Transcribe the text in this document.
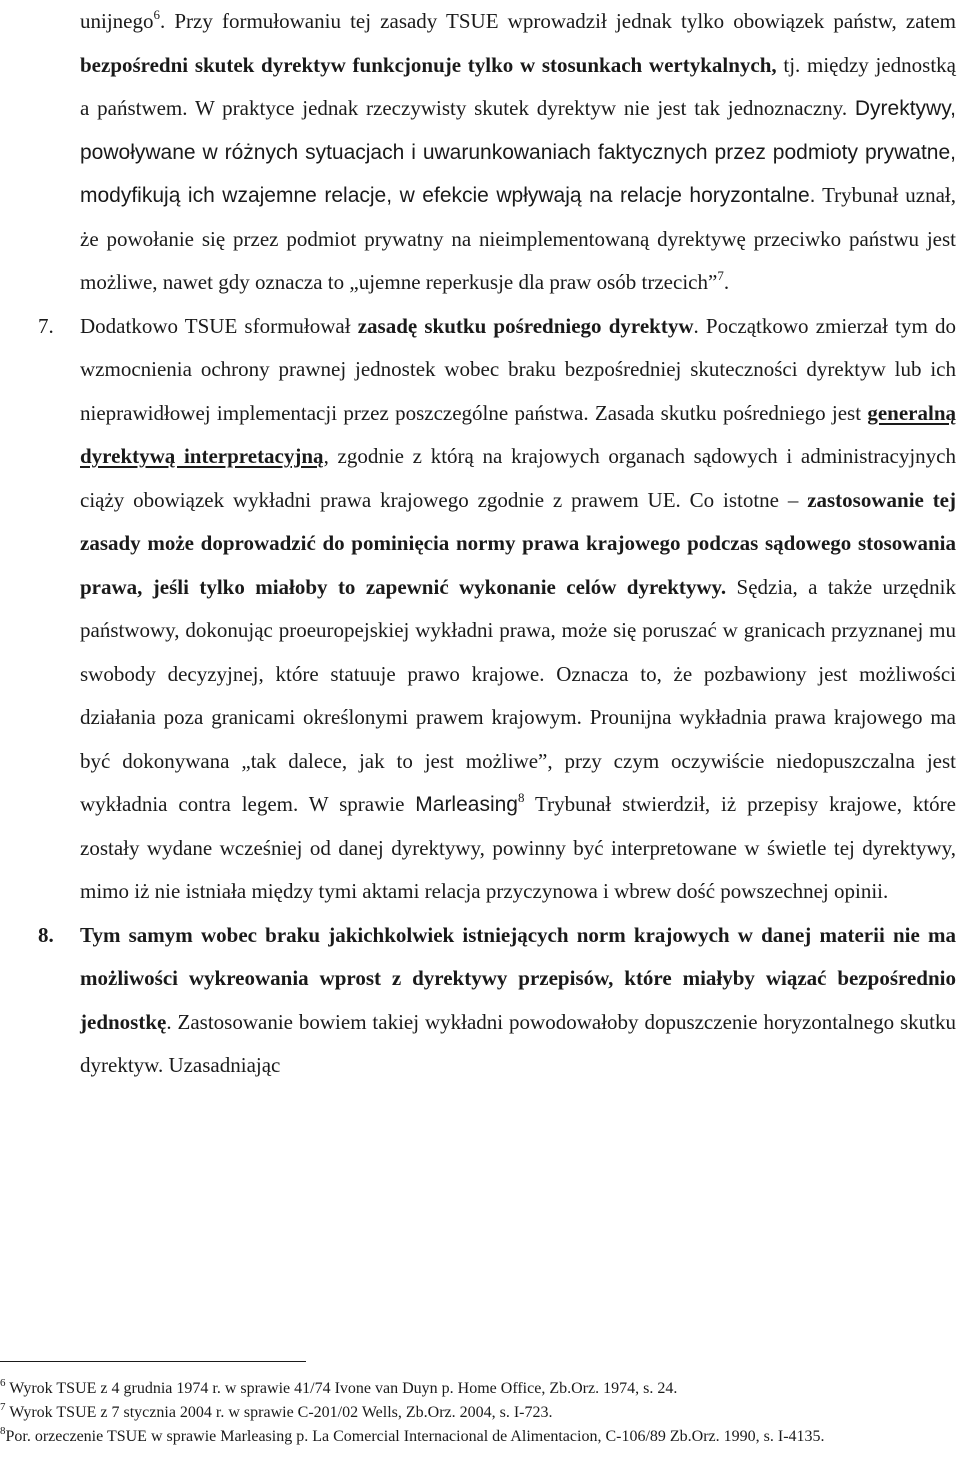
unijnego$^6$. Przy formułowaniu tej zasady TSUE wprowadził jednak tylko obowiązek państw, zatem bezpośredni skutek dyrektyw funkcjonuje tylko w stosunkach wertykalnych, tj. między jednostką a państwem. W praktyce jednak rzeczywisty skutek dyrektyw nie jest tak jednoznaczny. Dyrektywy, powoływane w różnych sytuacjach i uwarunkowaniach faktycznych przez podmioty prywatne, modyfikują ich wzajemne relacje, w efekcie wpływają na relacje horyzontalne. Trybunał uznał, że powołanie się przez podmiot prywatny na nieimplementowaną dyrektywę przeciwko państwu jest możliwe, nawet gdy oznacza to „ujemne reperkusje dla praw osób trzecich”$^7$.

7. Dodatkowo TSUE sformułował zasadę skutku pośredniego dyrektyw. Początkowo zmierzał tym do wzmocnienia ochrony prawnej jednostek wobec braku bezpośredniej skuteczności dyrektyw lub ich nieprawidłowej implementacji przez poszczególne państwa. Zasada skutku pośredniego jest generalną dyrektywą interpretacyjną, zgodnie z którą na krajowych organach sądowych i administracyjnych ciąży obowiązek wykładni prawa krajowego zgodnie z prawem UE. Co istotne – zastosowanie tej zasady może doprowadzić do pominięcia normy prawa krajowego podczas sądowego stosowania prawa, jeśli tylko miałoby to zapewnić wykonanie celów dyrektywy. Sędzia, a także urzędnik państwowy, dokonując proeuropejskiej wykładni prawa, może się poruszać w granicach przyznanej mu swobody decyzyjnej, które statuuje prawo krajowe. Oznacza to, że pozbawiony jest możliwości działania poza granicami określonymi prawem krajowym. Prounijna wykładnia prawa krajowego ma być dokonywana „tak dalece, jak to jest możliwe”, przy czym oczywiście niedopuszczalna jest wykładnia contra legem. W sprawie Marleasing$^8$ Trybunał stwierdził, iż przepisy krajowe, które zostały wydane wcześniej od danej dyrektywy, powinny być interpretowane w świetle tej dyrektywy, mimo iż nie istniała między tymi aktami relacja przyczynowa i wbrew dość powszechnej opinii.

8. Tym samym wobec braku jakichkolwiek istniejących norm krajowych w danej materii nie ma możliwości wykreowania wprost z dyrektywy przepisów, które miałyby wiązać bezpośrednio jednostkę. Zastosowanie bowiem takiej wykładni powodowałoby dopuszczenie horyzontalnego skutku dyrektyw. Uzasadniając

$^6$ Wyrok TSUE z 4 grudnia 1974 r. w sprawie 41/74 Ivone van Duyn p. Home Office, Zb.Orz. 1974, s. 24.

$^7$ Wyrok TSUE z 7 stycznia 2004 r. w sprawie C-201/02 Wells, Zb.Orz. 2004, s. I-723.

$^8$Por. orzeczenie TSUE w sprawie Marleasing p. La Comercial Internacional de Alimentacion, C-106/89 Zb.Orz. 1990, s. I-4135.
